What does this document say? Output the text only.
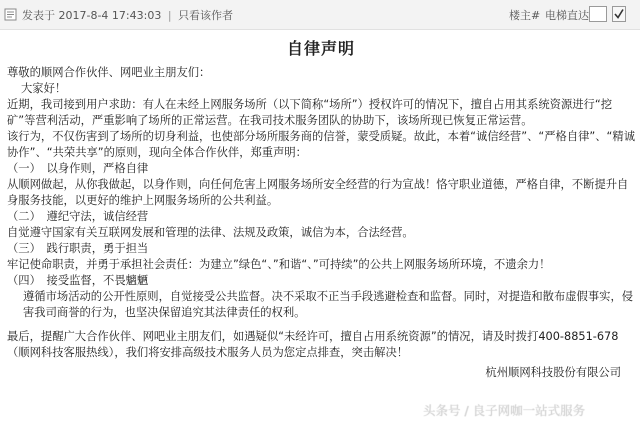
发表于 2017-8-4 17:43:03 | 只看该作者	楼主# 电梯直达
自律声明

尊敬的顺网合作伙伴、网吧业主朋友们：

大家好！

近期，我司接到用户求助：有人在未经上网服务场所（以下简称“场所”）授权许可的情况下，擅自占用其系统资源进行“挖矿”等营利活动，严重影响了场所的正常运营。在我司技术服务团队的协助下，该场所现已恢复正常运营。

该行为，不仅伤害到了场所的切身利益，也使部分场所服务商的信誉，蒙受质疑。故此，本着“诚信经营”、“严格自律”、“精诚协作”、“共荣共享”的原则，现向全体合作伙伴，郑重声明：

（一）　以身作则，严格自律

从顺网做起，从你我做起，以身作则，向任何危害上网服务场所安全经营的行为宣战！恪守职业道德，严格自律，不断提升自身服务技能，以更好的维护上网服务场所的公共利益。

（二）　遵纪守法，诚信经营

自觉遵守国家有关互联网发展和管理的法律、法规及政策，诚信为本，合法经营。

（三）　践行职责，勇于担当

牢记使命职责，并勇于承担社会责任：为建立”绿色“、”和谐“、”可持续”的公共上网服务场所环境，不遗余力！

（四）　接受监督，不畏魑魉

遵循市场活动的公开性原则，自觉接受公共监督。决不采取不正当手段逃避检查和监督。同时，对提造和散布虚假事实，侵害我司商誉的行为，也坚决保留追究其法律责任的权利。

最后，提醒广大合作伙伴、网吧业主朋友们，如遇疑似“未经许可，擅自占用系统资源”的情况，请及时拨打400-8851-678（顺网科技客服热线），我们将安排高级技术服务人员为您定点排查，突击解决！

杭州顺网科技股份有限公司

头条号 / 良子网咖一站式服务
